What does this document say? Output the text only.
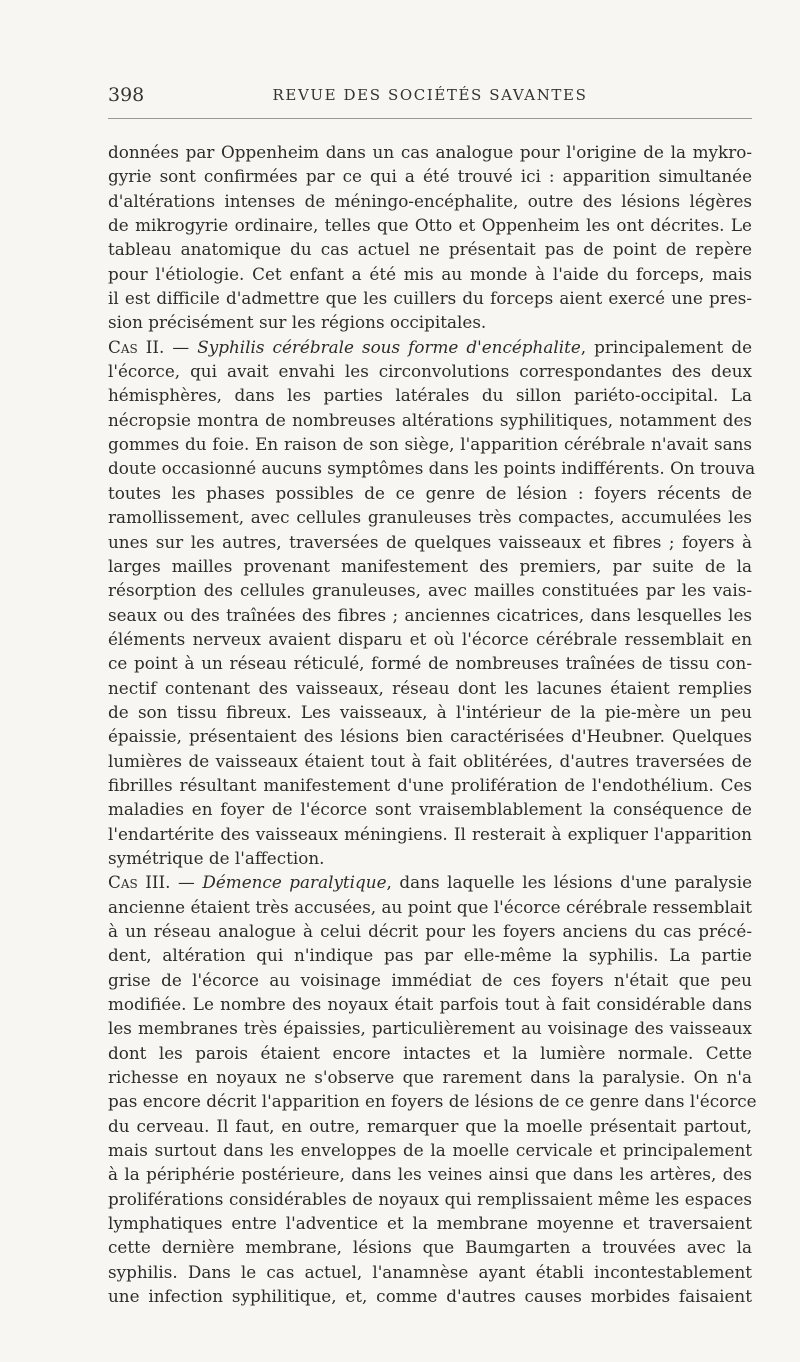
398	REVUE DES SOCIÉTÉS SAVANTES
données par Oppenheim dans un cas analogue pour l'origine de la mykro-
gyrie sont confirmées par ce qui a été trouvé ici : apparition simultanée
d'altérations intenses de méningo-encéphalite, outre des lésions légères
de mikrogyrie ordinaire, telles que Otto et Oppenheim les ont décrites. Le
tableau anatomique du cas actuel ne présentait pas de point de repère
pour l'étiologie. Cet enfant a été mis au monde à l'aide du forceps, mais
il est difficile d'admettre que les cuillers du forceps aient exercé une pres-
sion précisément sur les régions occipitales.
Cas II. — Syphilis cérébrale sous forme d'encéphalite, principalement de
l'écorce, qui avait envahi les circonvolutions correspondantes des deux
hémisphères, dans les parties latérales du sillon pariéto-occipital. La
nécropsie montra de nombreuses altérations syphilitiques, notamment des
gommes du foie. En raison de son siège, l'apparition cérébrale n'avait sans
doute occasionné aucuns symptômes dans les points indifférents. On trouva
toutes les phases possibles de ce genre de lésion : foyers récents de
ramollissement, avec cellules granuleuses très compactes, accumulées les
unes sur les autres, traversées de quelques vaisseaux et fibres ; foyers à
larges mailles provenant manifestement des premiers, par suite de la
résorption des cellules granuleuses, avec mailles constituées par les vais-
seaux ou des traînées des fibres ; anciennes cicatrices, dans lesquelles les
éléments nerveux avaient disparu et où l'écorce cérébrale ressemblait en
ce point à un réseau réticulé, formé de nombreuses traînées de tissu con-
nectif contenant des vaisseaux, réseau dont les lacunes étaient remplies
de son tissu fibreux. Les vaisseaux, à l'intérieur de la pie-mère un peu
épaissie, présentaient des lésions bien caractérisées d'Heubner. Quelques
lumières de vaisseaux étaient tout à fait oblitérées, d'autres traversées de
fibrilles résultant manifestement d'une prolifération de l'endothélium. Ces
maladies en foyer de l'écorce sont vraisemblablement la conséquence de
l'endartérite des vaisseaux méningiens. Il resterait à expliquer l'apparition
symétrique de l'affection.
Cas III. — Démence paralytique, dans laquelle les lésions d'une paralysie
ancienne étaient très accusées, au point que l'écorce cérébrale ressemblait
à un réseau analogue à celui décrit pour les foyers anciens du cas précé-
dent, altération qui n'indique pas par elle-même la syphilis. La partie
grise de l'écorce au voisinage immédiat de ces foyers n'était que peu
modifiée. Le nombre des noyaux était parfois tout à fait considérable dans
les membranes très épaissies, particulièrement au voisinage des vaisseaux
dont les parois étaient encore intactes et la lumière normale. Cette
richesse en noyaux ne s'observe que rarement dans la paralysie. On n'a
pas encore décrit l'apparition en foyers de lésions de ce genre dans l'écorce
du cerveau. Il faut, en outre, remarquer que la moelle présentait partout,
mais surtout dans les enveloppes de la moelle cervicale et principalement
à la périphérie postérieure, dans les veines ainsi que dans les artères, des
proliférations considérables de noyaux qui remplissaient même les espaces
lymphatiques entre l'adventice et la membrane moyenne et traversaient
cette dernière membrane, lésions que Baumgarten a trouvées avec la
syphilis. Dans le cas actuel, l'anamnèse ayant établi incontestablement
une infection syphilitique, et, comme d'autres causes morbides faisaient
